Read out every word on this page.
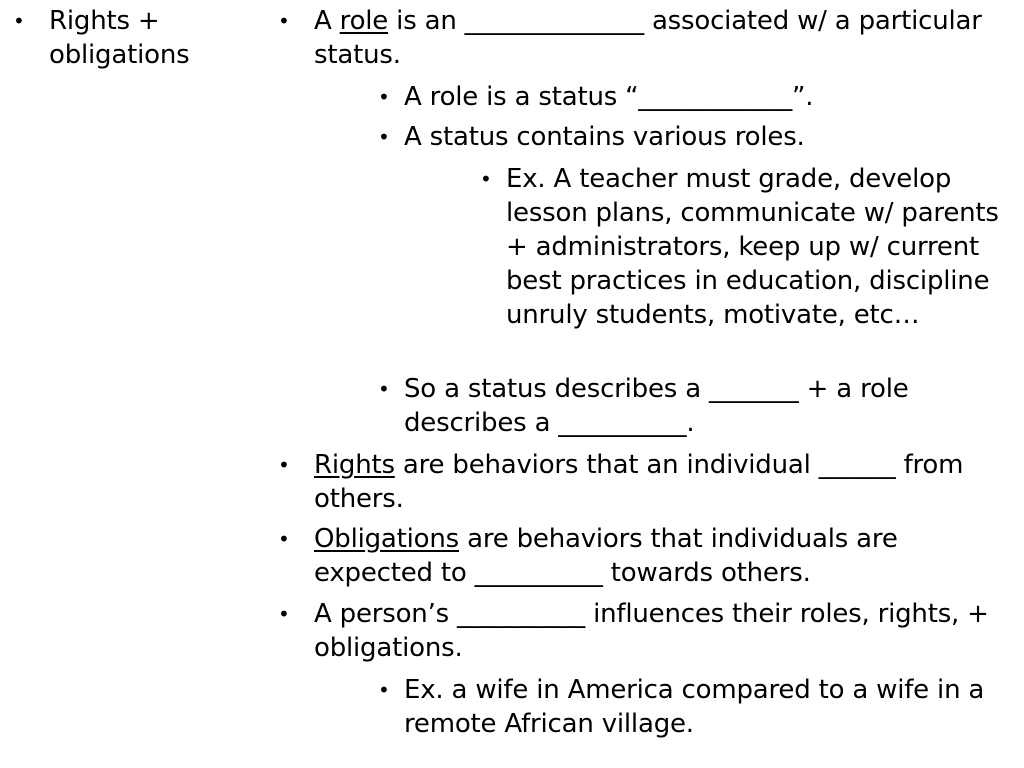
• Rights + obligations
• A role is an ______________ associated w/ a particular status.
• A role is a status “____________”.
• A status contains various roles.
• Ex. A teacher must grade, develop lesson plans, communicate w/ parents + administrators, keep up w/ current best practices in education, discipline unruly students, motivate, etc…
• So a status describes a _______ + a role describes a __________.
• Rights are behaviors that an individual ______ from others.
• Obligations are behaviors that individuals are expected to __________ towards others.
• A person’s __________ influences their roles, rights, + obligations.
• Ex. a wife in America compared to a wife in a remote African village.
